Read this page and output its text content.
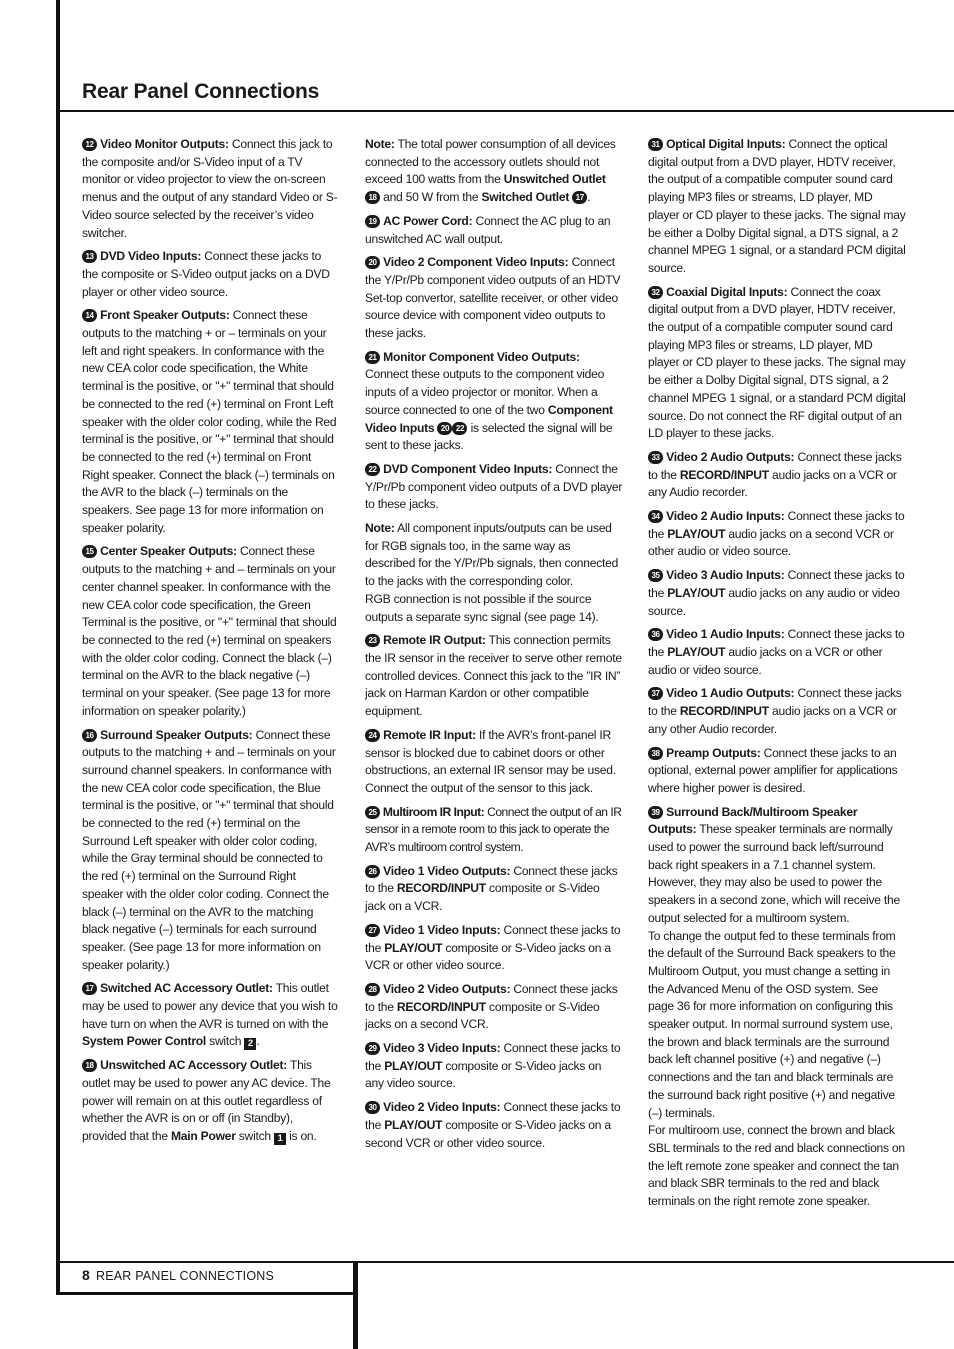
Rear Panel Connections

12 Video Monitor Outputs: Connect this jack to the composite and/or S-Video input of a TV monitor or video projector to view the on-screen menus and the output of any standard Video or S-Video source selected by the receiver’s video switcher.

13 DVD Video Inputs: Connect these jacks to the composite or S-Video output jacks on a DVD player or other video source.

14 Front Speaker Outputs: Connect these outputs to the matching + or – terminals on your left and right speakers. In conformance with the new CEA color code specification, the White terminal is the positive, or "+" terminal that should be connected to the red (+) terminal on Front Left speaker with the older color coding, while the Red terminal is the positive, or "+" terminal that should be connected to the red (+) terminal on Front Right speaker. Connect the black (–) terminals on the AVR to the black (–) terminals on the speakers. See page 13 for more information on speaker polarity.

15 Center Speaker Outputs: Connect these outputs to the matching + and – terminals on your center channel speaker. In conformance with the new CEA color code specification, the Green Terminal is the positive, or "+" terminal that should be connected to the red (+) terminal on speakers with the older color coding. Connect the black (–) terminal on the AVR to the black negative (–) terminal on your speaker. (See page 13 for more information on speaker polarity.)

16 Surround Speaker Outputs: Connect these outputs to the matching + and – terminals on your surround channel speakers. In conformance with the new CEA color code specification, the Blue terminal is the positive, or "+" terminal that should be connected to the red (+) terminal on the Surround Left speaker with older color coding, while the Gray terminal should be connected to the red (+) terminal on the Surround Right speaker with the older color coding. Connect the black (–) terminal on the AVR to the matching black negative (–) terminals for each surround speaker. (See page 13 for more information on speaker polarity.)

17 Switched AC Accessory Outlet: This outlet may be used to power any device that you wish to have turn on when the AVR is turned on with the System Power Control switch 2 .

18 Unswitched AC Accessory Outlet: This outlet may be used to power any AC device. The power will remain on at this outlet regardless of whether the AVR is on or off (in Standby), provided that the Main Power switch 1 is on.

Note: The total power consumption of all devices connected to the accessory outlets should not exceed 100 watts from the Unswitched Outlet 18 and 50 W from the Switched Outlet 17 .

19 AC Power Cord: Connect the AC plug to an unswitched AC wall output.

20 Video 2 Component Video Inputs: Connect the Y/Pr/Pb component video outputs of an HDTV Set-top convertor, satellite receiver, or other video source device with component video outputs to these jacks.

21 Monitor Component Video Outputs: Connect these outputs to the component video inputs of a video projector or monitor. When a source connected to one of the two Component Video Inputs 20 22 is selected the signal will be sent to these jacks.

22 DVD Component Video Inputs: Connect the Y/Pr/Pb component video outputs of a DVD player to these jacks.

Note: All component inputs/outputs can be used for RGB signals too, in the same way as described for the Y/Pr/Pb signals, then connected to the jacks with the corresponding color.
RGB connection is not possible if the source outputs a separate sync signal (see page 14).

23 Remote IR Output: This connection permits the IR sensor in the receiver to serve other remote controlled devices. Connect this jack to the ”IR IN” jack on Harman Kardon or other compatible equipment.

24 Remote IR Input: If the AVR’s front-panel IR sensor is blocked due to cabinet doors or other obstructions, an external IR sensor may be used. Connect the output of the sensor to this jack.

25 Multiroom IR Input: Connect the output of an IR sensor in a remote room to this jack to operate the AVR’s multiroom control system.

26 Video 1 Video Outputs: Connect these jacks to the RECORD/INPUT composite or S-Video jack on a VCR.

27 Video 1 Video Inputs: Connect these jacks to the PLAY/OUT composite or S-Video jacks on a VCR or other video source.

28 Video 2 Video Outputs: Connect these jacks to the RECORD/INPUT composite or S-Video jacks on a second VCR.

29 Video 3 Video Inputs: Connect these jacks to the PLAY/OUT composite or S-Video jacks on any video source.

30 Video 2 Video Inputs: Connect these jacks to the PLAY/OUT composite or S-Video jacks on a second VCR or other video source.

31 Optical Digital Inputs: Connect the optical digital output from a DVD player, HDTV receiver, the output of a compatible computer sound card playing MP3 files or streams, LD player, MD player or CD player to these jacks. The signal may be either a Dolby Digital signal, a DTS signal, a 2 channel MPEG 1 signal, or a standard PCM digital source.

32 Coaxial Digital Inputs: Connect the coax digital output from a DVD player, HDTV receiver, the output of a compatible computer sound card playing MP3 files or streams, LD player, MD player or CD player to these jacks. The signal may be either a Dolby Digital signal, DTS signal, a 2 channel MPEG 1 signal, or a standard PCM digital source. Do not connect the RF digital output of an LD player to these jacks.

33 Video 2 Audio Outputs: Connect these jacks to the RECORD/INPUT audio jacks on a VCR or any Audio recorder.

34 Video 2 Audio Inputs: Connect these jacks to the PLAY/OUT audio jacks on a second VCR or other audio or video source.

35 Video 3 Audio Inputs: Connect these jacks to the PLAY/OUT audio jacks on any audio or video source.

36 Video 1 Audio Inputs: Connect these jacks to the PLAY/OUT audio jacks on a VCR or other audio or video source.

37 Video 1 Audio Outputs: Connect these jacks to the RECORD/INPUT audio jacks on a VCR or any other Audio recorder.

38 Preamp Outputs: Connect these jacks to an optional, external power amplifier for applications where higher power is desired.

39 Surround Back/Multiroom Speaker Outputs: These speaker terminals are normally used to power the surround back left/surround back right speakers in a 7.1 channel system. However, they may also be used to power the speakers in a second zone, which will receive the output selected for a multiroom system.
To change the output fed to these terminals from the default of the Surround Back speakers to the Multiroom Output, you must change a setting in the Advanced Menu of the OSD system. See page 36 for more information on configuring this speaker output. In normal surround system use, the brown and black terminals are the surround back left channel positive (+) and negative (–) connections and the tan and black terminals are the surround back right positive (+) and negative (–) terminals.
For multiroom use, connect the brown and black SBL terminals to the red and black connections on the left remote zone speaker and connect the tan and black SBR terminals to the red and black terminals on the right remote zone speaker.

8 REAR PANEL CONNECTIONS
